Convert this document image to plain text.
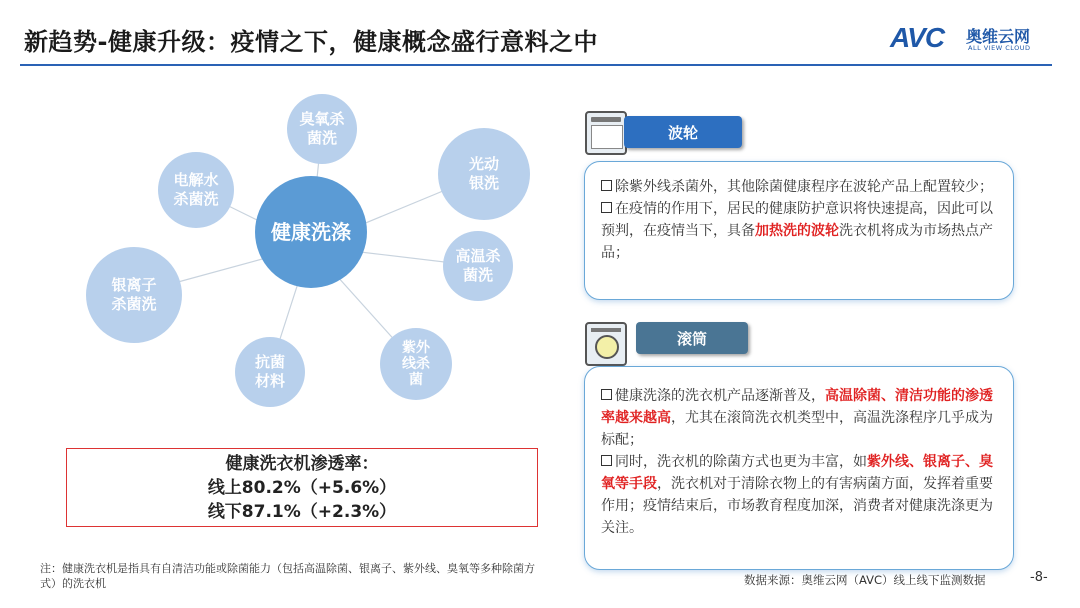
新趋势-健康升级：疫情之下，健康概念盛行意料之中	AVC 奥维云网
ALL VIEW CLOUD
健康洗涤
臭氧杀
菌洗
光动
银洗
高温杀
菌洗
紫外
线杀
菌
抗菌
材料
银离子
杀菌洗
电解水
杀菌洗
健康洗衣机渗透率：
线上80.2%（+5.6%）
线下87.1%（+2.3%）
波轮

除紫外线杀菌外，其他除菌健康程序在波轮产品上配置较少；

在疫情的作用下，居民的健康防护意识将快速提高，因此可以预判，在疫情当下，具备加热洗的波轮洗衣机将成为市场热点产品；

滚筒

健康洗涤的洗衣机产品逐渐普及，高温除菌、清洁功能的渗透率越来越高，尤其在滚筒洗衣机类型中，高温洗涤程序几乎成为标配；

同时，洗衣机的除菌方式也更为丰富，如紫外线、银离子、臭氧等手段，洗衣机对于清除衣物上的有害病菌方面，发挥着重要作用；疫情结束后，市场教育程度加深，消费者对健康洗涤更为关注。

注：健康洗衣机是指具有自清洁功能或除菌能力（包括高温除菌、银离子、紫外线、臭氧等多种除菌方式）的洗衣机	数据来源：奥维云网（AVC）线上线下监测数据	-8-
